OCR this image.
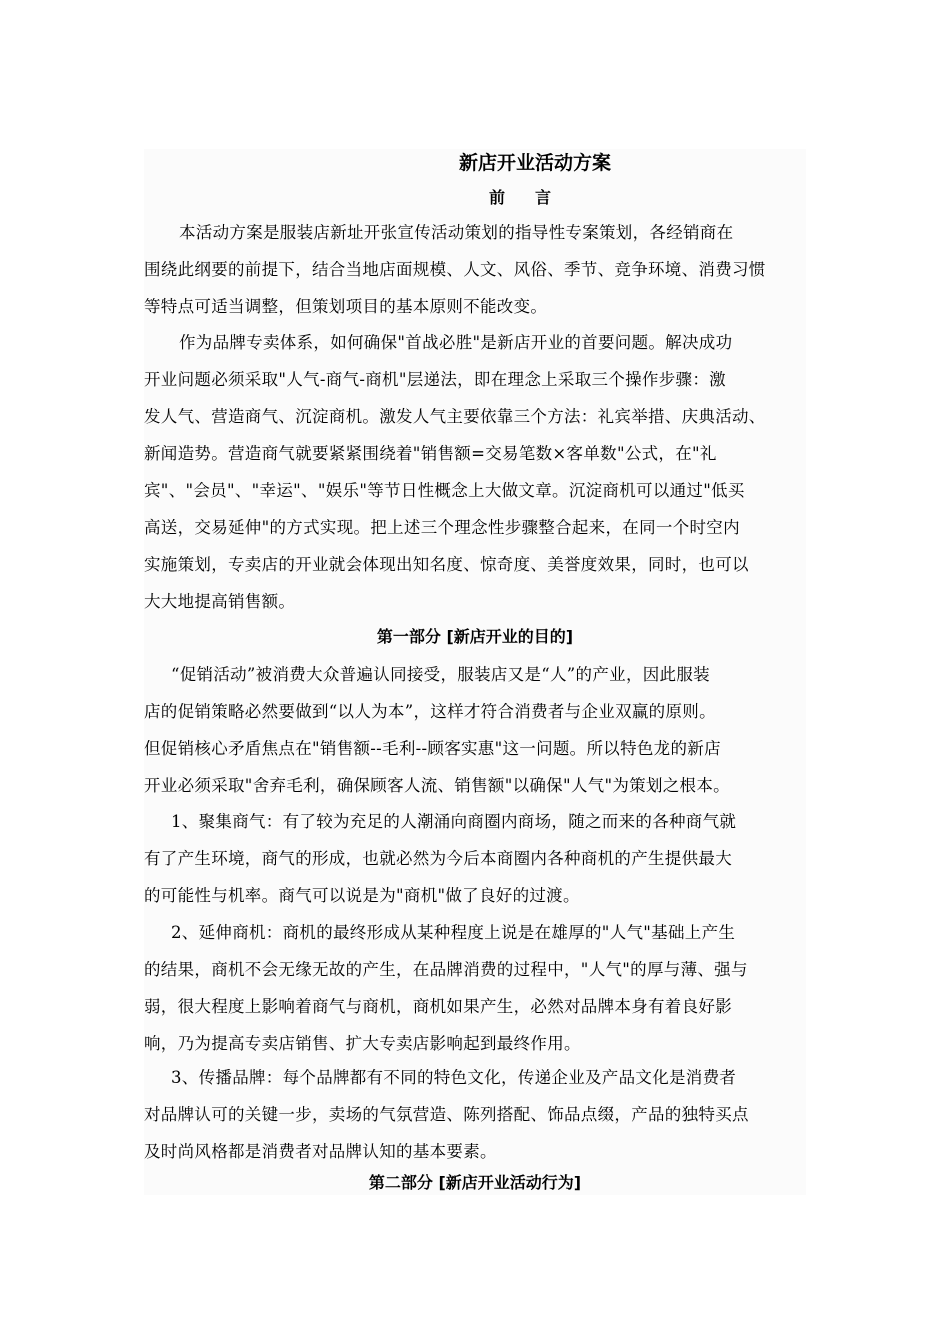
新店开业活动方案
前言
本活动方案是服装店新址开张宣传活动策划的指导性专案策划，各经销商在
围绕此纲要的前提下，结合当地店面规模、人文、风俗、季节、竞争环境、消费习惯
等特点可适当调整，但策划项目的基本原则不能改变。
作为品牌专卖体系，如何确保"首战必胜"是新店开业的首要问题。解决成功
开业问题必须采取"人气-商气-商机"层递法，即在理念上采取三个操作步骤：激
发人气、营造商气、沉淀商机。激发人气主要依靠三个方法：礼宾举措、庆典活动、
新闻造势。营造商气就要紧紧围绕着"销售额=交易笔数×客单数"公式，在"礼
宾"、"会员"、"幸运"、"娱乐"等节日性概念上大做文章。沉淀商机可以通过"低买
高送，交易延伸"的方式实现。把上述三个理念性步骤整合起来，在同一个时空内
实施策划，专卖店的开业就会体现出知名度、惊奇度、美誉度效果，同时，也可以
大大地提高销售额。
第一部分 [新店开业的目的]
“促销活动”被消费大众普遍认同接受，服装店又是“人”的产业，因此服装
店的促销策略必然要做到“以人为本”，这样才符合消费者与企业双赢的原则。
但促销核心矛盾焦点在"销售额--毛利--顾客实惠"这一问题。所以特色龙的新店
开业必须采取"舍弃毛利，确保顾客人流、销售额"以确保"人气"为策划之根本。
1、聚集商气：有了较为充足的人潮涌向商圈内商场，随之而来的各种商气就
有了产生环境，商气的形成，也就必然为今后本商圈内各种商机的产生提供最大
的可能性与机率。商气可以说是为"商机"做了良好的过渡。
2、延伸商机：商机的最终形成从某种程度上说是在雄厚的"人气"基础上产生
的结果，商机不会无缘无故的产生，在品牌消费的过程中，"人气"的厚与薄、强与
弱，很大程度上影响着商气与商机，商机如果产生，必然对品牌本身有着良好影
响，乃为提高专卖店销售、扩大专卖店影响起到最终作用。
3、传播品牌：每个品牌都有不同的特色文化，传递企业及产品文化是消费者
对品牌认可的关键一步，卖场的气氛营造、陈列搭配、饰品点缀，产品的独特买点
及时尚风格都是消费者对品牌认知的基本要素。
第二部分 [新店开业活动行为]
